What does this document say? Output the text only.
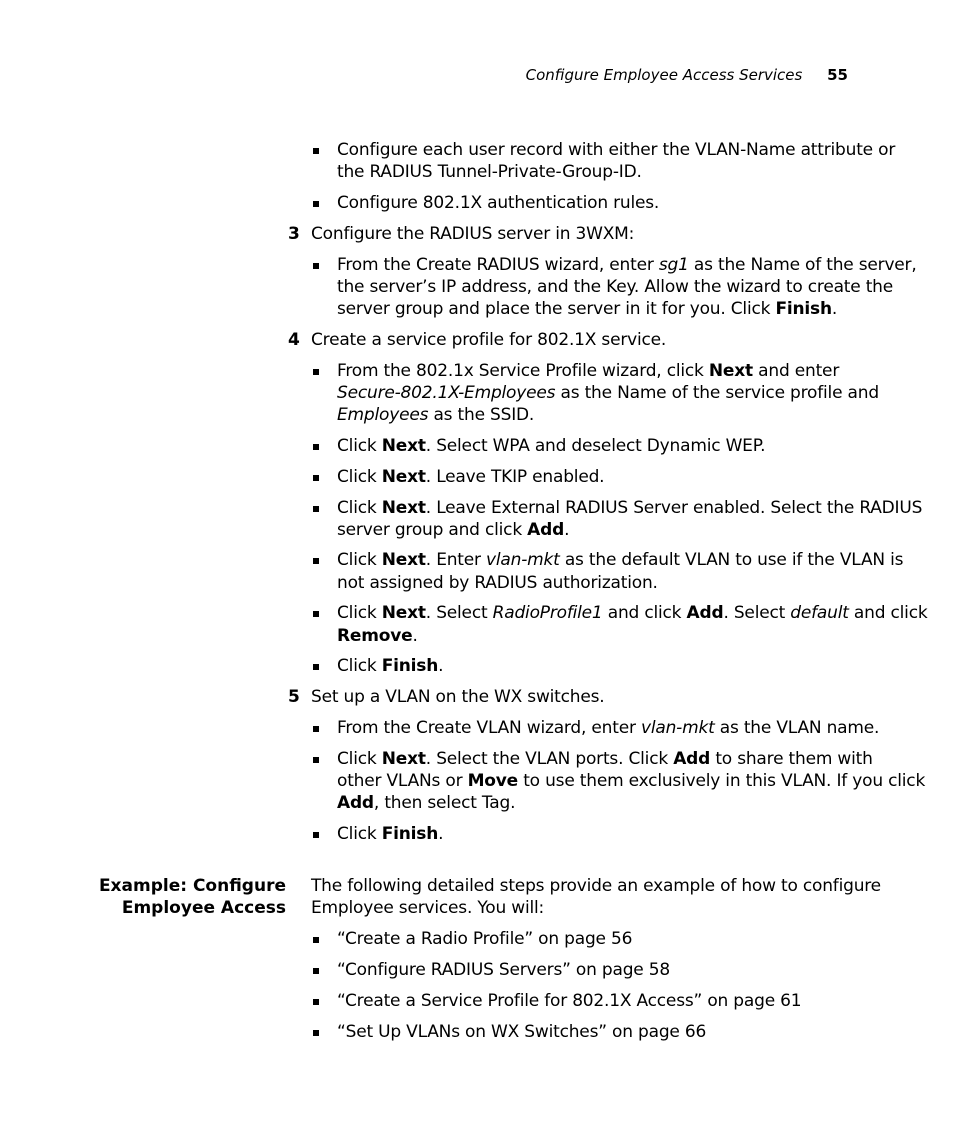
Configure Employee Access Services 55
Example: Configure
Employee Access
Configure each user record with either the VLAN-Name attribute or
the RADIUS Tunnel-Private-Group-ID.
Configure 802.1X authentication rules.
3 Configure the RADIUS server in 3WXM:
From the Create RADIUS wizard, enter sg1 as the Name of the server,
the server’s IP address, and the Key. Allow the wizard to create the
server group and place the server in it for you. Click Finish.
4 Create a service profile for 802.1X service.
From the 802.1x Service Profile wizard, click Next and enter
Secure-802.1X-Employees as the Name of the service profile and
Employees as the SSID.
Click Next. Select WPA and deselect Dynamic WEP.
Click Next. Leave TKIP enabled.
Click Next. Leave External RADIUS Server enabled. Select the RADIUS
server group and click Add.
Click Next. Enter vlan-mkt as the default VLAN to use if the VLAN is
not assigned by RADIUS authorization.
Click Next. Select RadioProfile1 and click Add. Select default and click
Remove.
Click Finish.
5 Set up a VLAN on the WX switches.
From the Create VLAN wizard, enter vlan-mkt as the VLAN name.
Click Next. Select the VLAN ports. Click Add to share them with
other VLANs or Move to use them exclusively in this VLAN. If you click
Add, then select Tag.
Click Finish.
The following detailed steps provide an example of how to configure
Employee services. You will:
“Create a Radio Profile” on page 56
“Configure RADIUS Servers” on page 58
“Create a Service Profile for 802.1X Access” on page 61
“Set Up VLANs on WX Switches” on page 66
